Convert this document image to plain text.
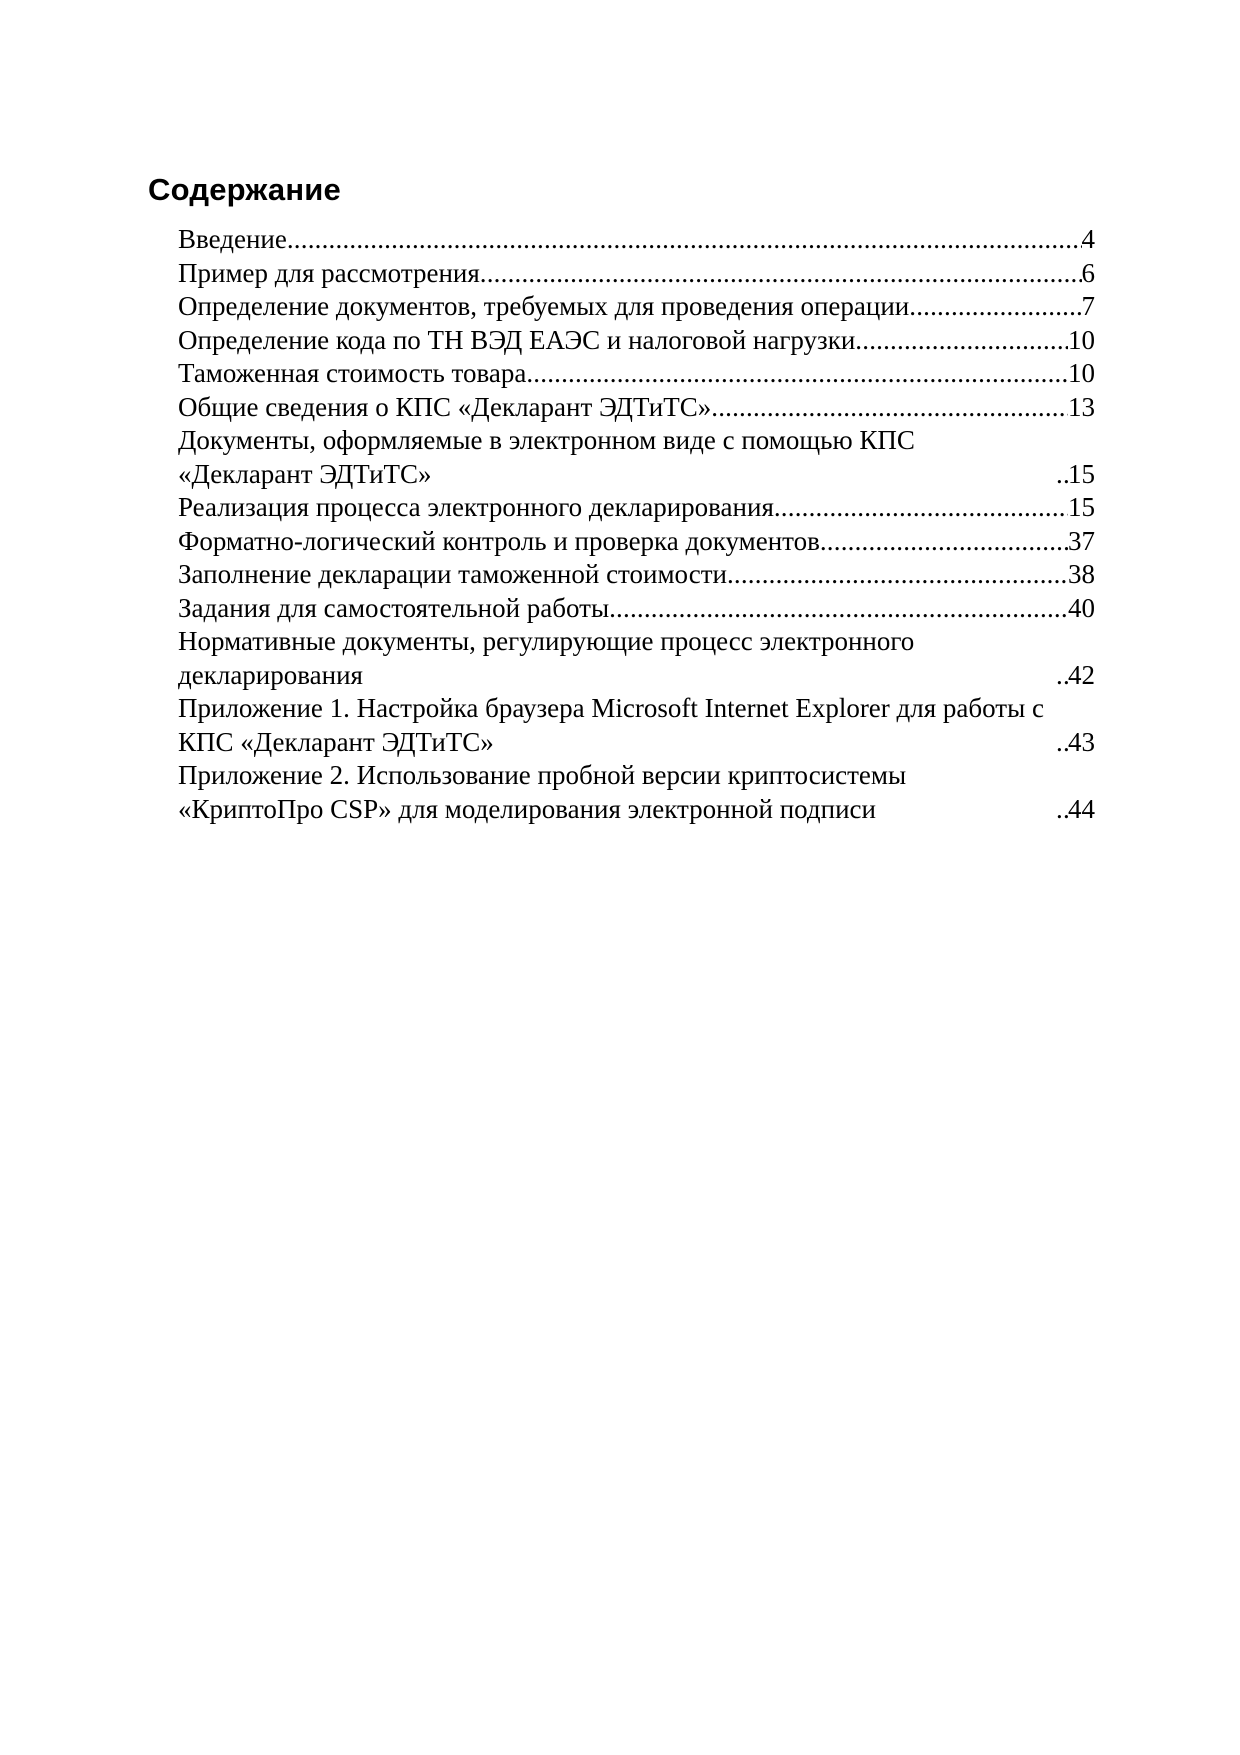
Содержание
Введение .....	4
Пример для рассмотрения .....	6
Определение документов, требуемых для проведения операции .....	7
Определение кода по ТН ВЭД ЕАЭС и налоговой нагрузки .....	10
Таможенная стоимость товара .....	10
Общие сведения о КПС «Декларант ЭДТиТС» .....	13
Документы, оформляемые в электронном виде с помощью КПС «Декларант ЭДТиТС» .....	15
Реализация процесса электронного декларирования .....	15
Форматно-логический контроль и проверка документов .....	37
Заполнение декларации таможенной стоимости .....	38
Задания для самостоятельной работы .....	40
Нормативные документы, регулирующие процесс электронного декларирования .....	42
Приложение 1. Настройка браузера Microsoft Internet Explorer для работы с КПС «Декларант ЭДТиТС» .....	43
Приложение 2. Использование пробной версии криптосистемы «КриптоПро CSP» для моделирования электронной подписи .....	44
